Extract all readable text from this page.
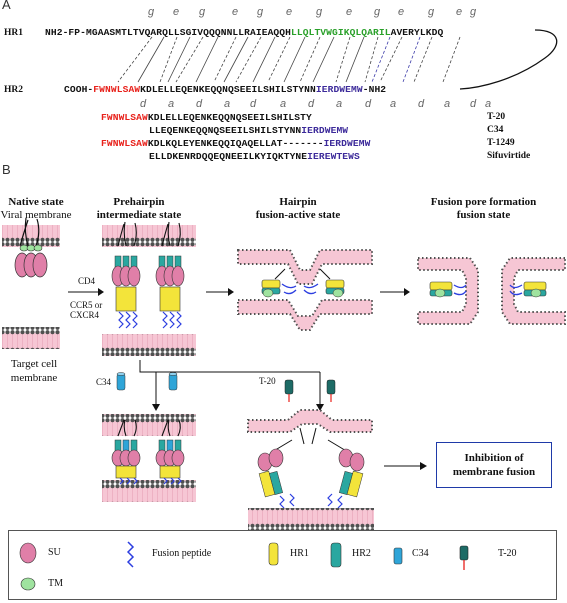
A	g e g e g e g e g e g e g
HR1 NH2-FP-MGAASMTLTVQARQLLSGIVQQQNNLLRAIEAQQHLLQLTVWGIKQLQARILAVERYLKDQ
HR2	COOH-FWNWLSAWKDLELLEQENKEQQNQSEEILSHILSTYNNIERDWEMW-NH2
d a d a d a d a d a d a d a
FWNWLSAWKDLELLEQENKEQQNQSEEILSHILSTY	T-20
LLEQENKEQQNQSEEILSHILSTYNNIERDWEMW	C34
FWNWLSAWKDLKQLEYENKEQQIQAQELLAT-------IERDWEMW	T-1249
ELLDKENRDQQEQNEEILKYIQKTYNEIEREWTEWS	Sifuvirtide
B
Native state
Viral membrane
Prehairpin
intermediate state
Hairpin
fusion-active state
Fusion pore formation
fusion state
CD4
CCR5 or
CXCR4
Target cell
membrane	C34	T-20
Inhibition of
membrane fusion
SU
TM
Fusion peptide	HR1	HR2	C34	T-20
